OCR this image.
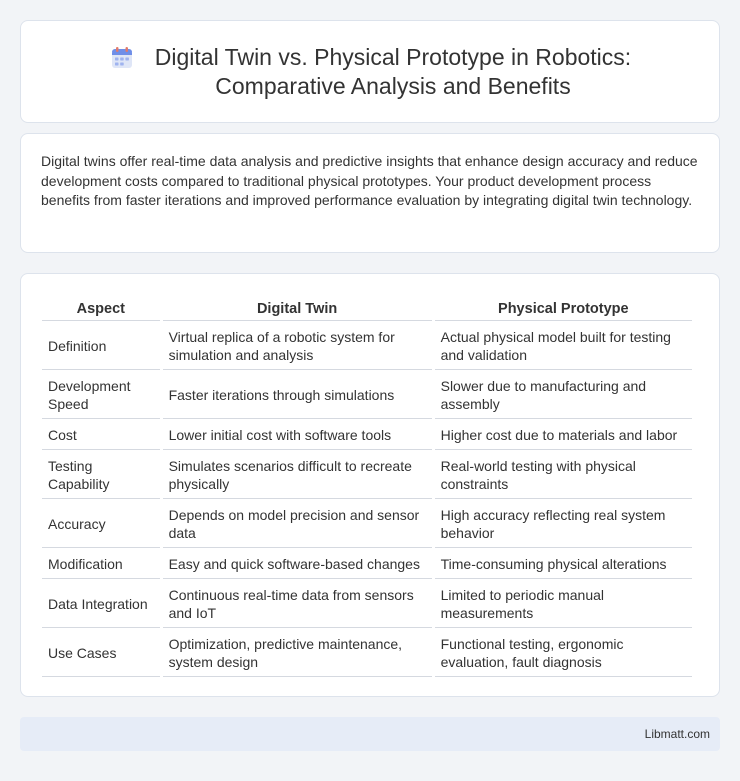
Digital Twin vs. Physical Prototype in Robotics:
Comparative Analysis and Benefits

Digital twins offer real-time data analysis and predictive insights that enhance design accuracy and reduce development costs compared to traditional physical prototypes. Your product development process benefits from faster iterations and improved performance evaluation by integrating digital twin technology.

Aspect	Digital Twin	Physical Prototype
Definition	Virtual replica of a robotic system for simulation and analysis	Actual physical model built for testing and validation
Development Speed	Faster iterations through simulations	Slower due to manufacturing and assembly
Cost	Lower initial cost with software tools	Higher cost due to materials and labor
Testing Capability	Simulates scenarios difficult to recreate physically	Real-world testing with physical constraints
Accuracy	Depends on model precision and sensor data	High accuracy reflecting real system behavior
Modification	Easy and quick software-based changes	Time-consuming physical alterations
Data Integration	Continuous real-time data from sensors and IoT	Limited to periodic manual measurements
Use Cases	Optimization, predictive maintenance, system design	Functional testing, ergonomic evaluation, fault diagnosis
Libmatt.com
